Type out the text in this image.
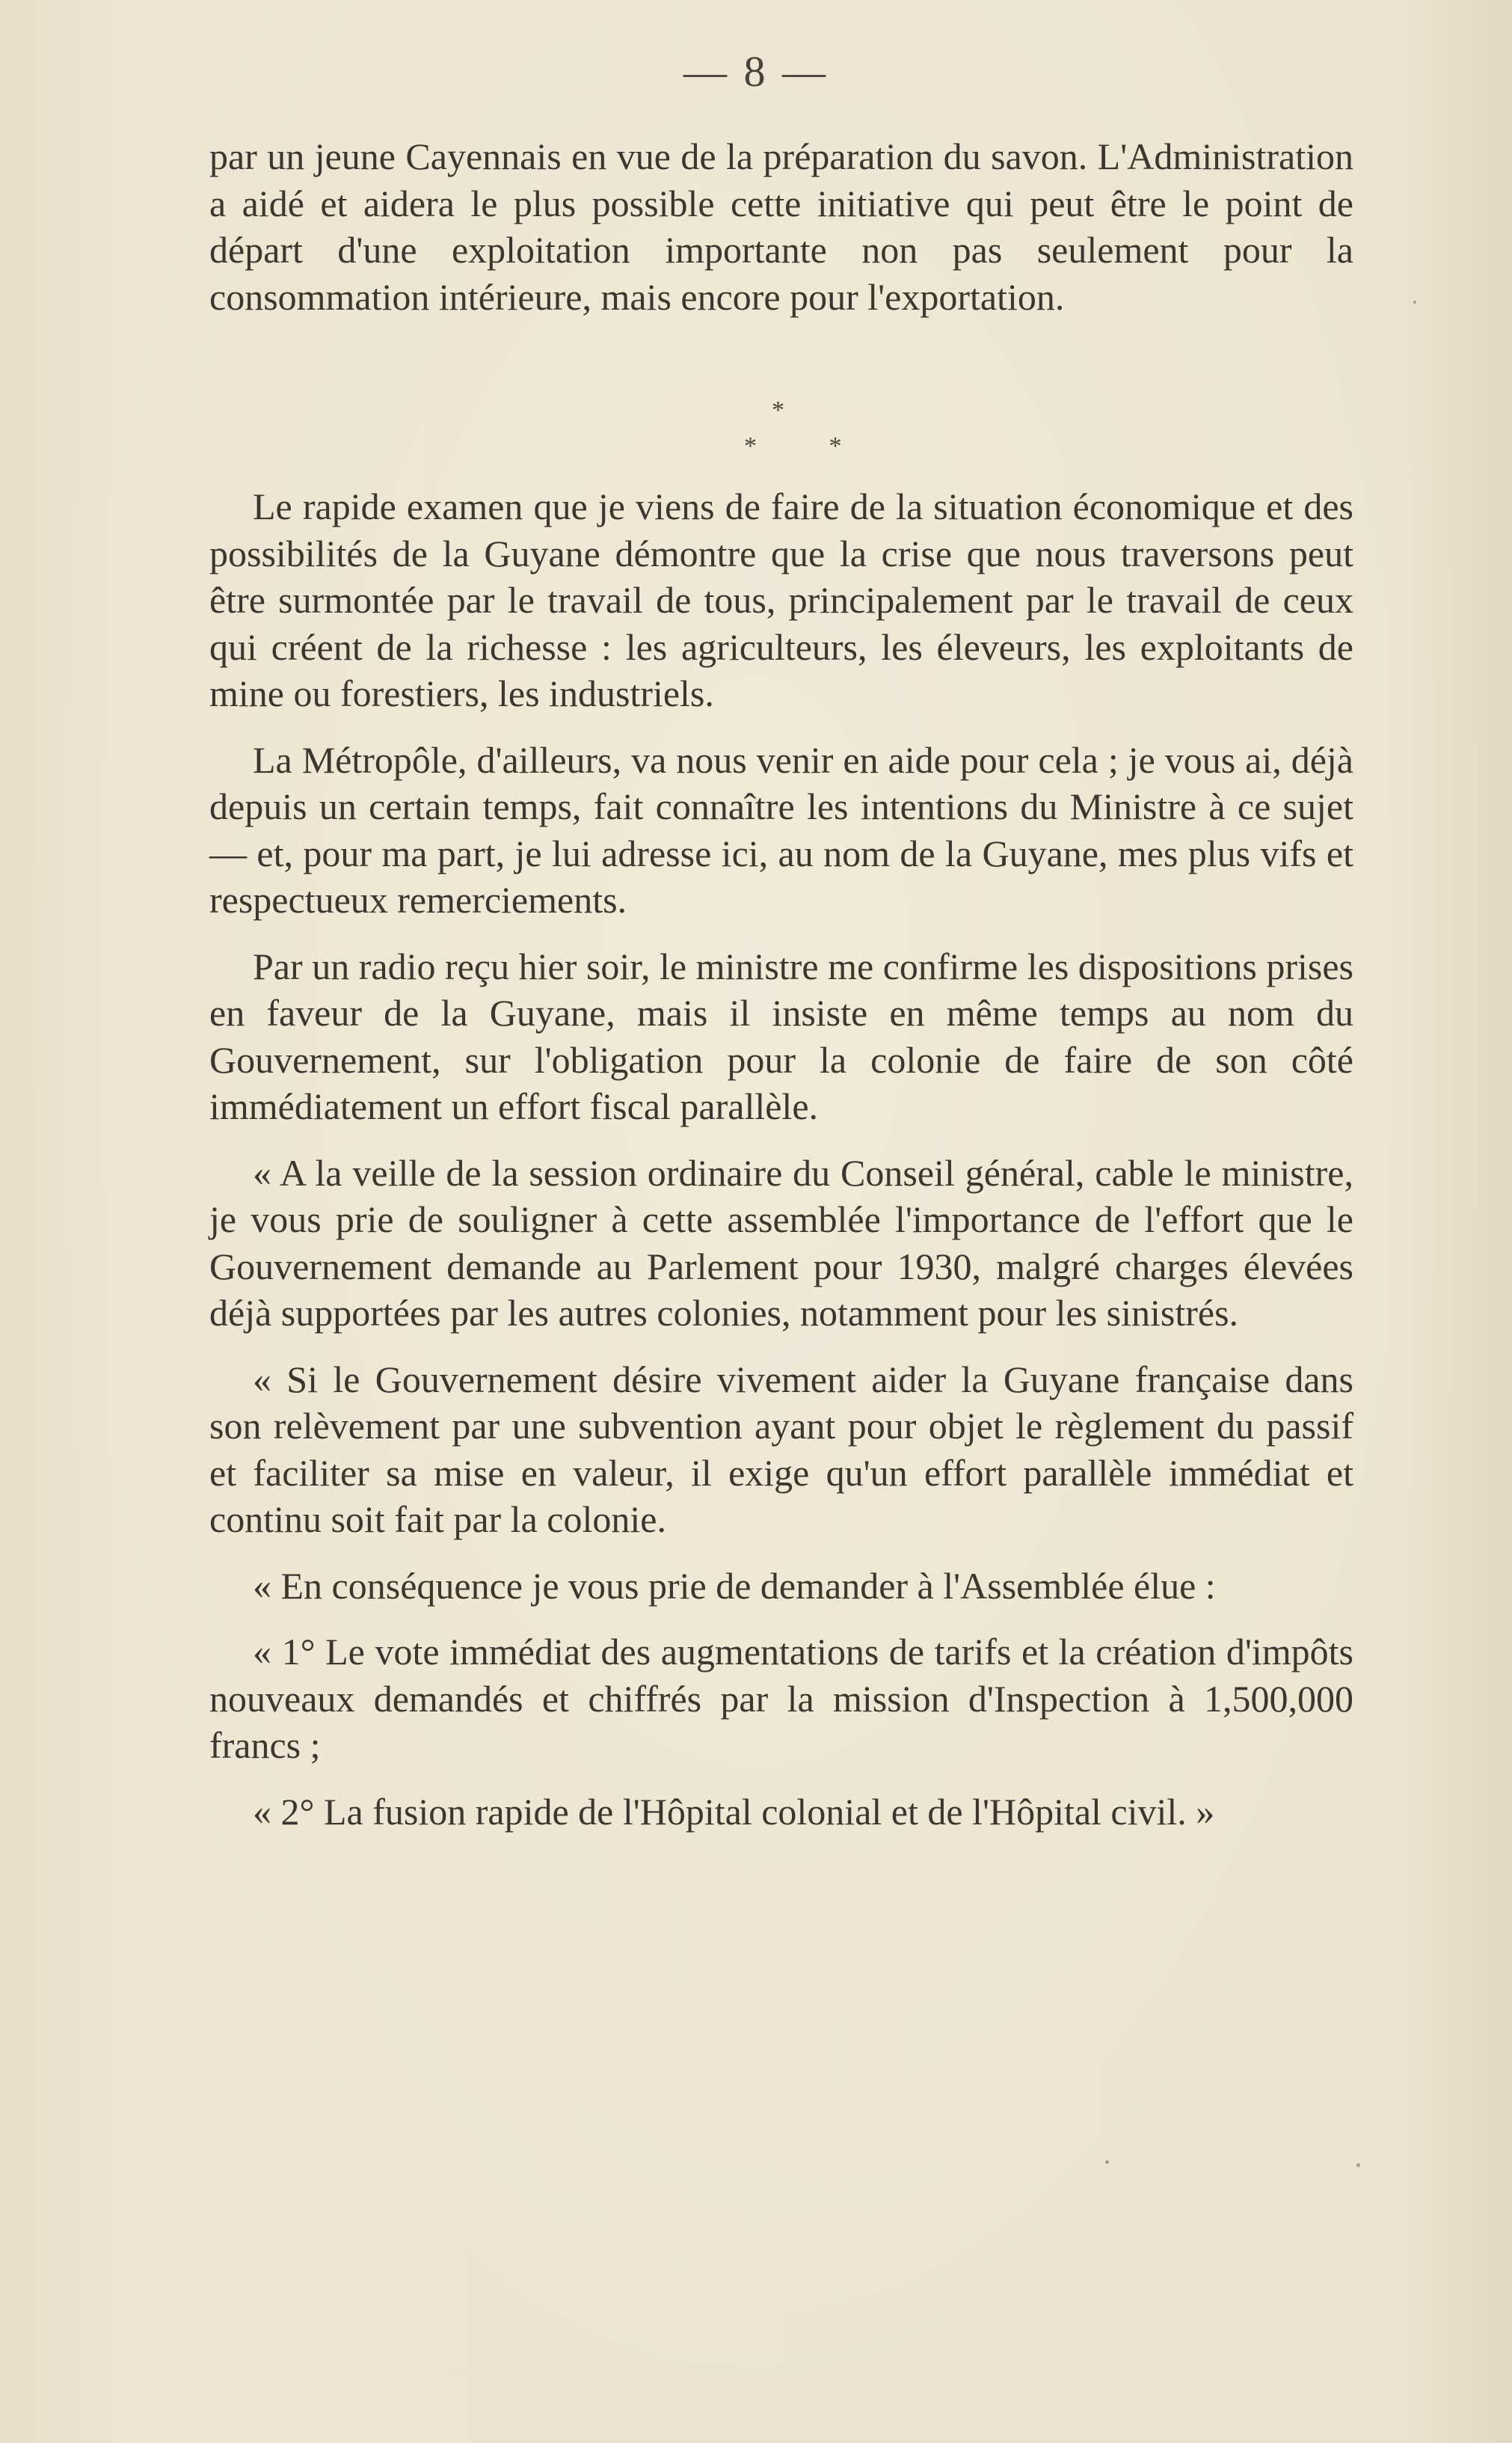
— 8 —

par un jeune Cayennais en vue de la préparation du savon. L'Administration a aidé et aidera le plus possible cette initiative qui peut être le point de départ d'une exploitation importante non pas seulement pour la consommation intérieure, mais encore pour l'exportation.

*
* *

Le rapide examen que je viens de faire de la situation économique et des possibilités de la Guyane démontre que la crise que nous traversons peut être surmontée par le travail de tous, principalement par le travail de ceux qui créent de la richesse : les agriculteurs, les éleveurs, les exploitants de mine ou forestiers, les industriels.

La Métropôle, d'ailleurs, va nous venir en aide pour cela ; je vous ai, déjà depuis un certain temps, fait connaître les intentions du Ministre à ce sujet — et, pour ma part, je lui adresse ici, au nom de la Guyane, mes plus vifs et respectueux remerciements.

Par un radio reçu hier soir, le ministre me confirme les dispositions prises en faveur de la Guyane, mais il insiste en même temps au nom du Gouvernement, sur l'obligation pour la colonie de faire de son côté immédiatement un effort fiscal parallèle.

« A la veille de la session ordinaire du Conseil général, cable le ministre, je vous prie de souligner à cette assemblée l'importance de l'effort que le Gouvernement demande au Parlement pour 1930, malgré charges élevées déjà supportées par les autres colonies, notamment pour les sinistrés.

« Si le Gouvernement désire vivement aider la Guyane française dans son relèvement par une subvention ayant pour objet le règlement du passif et faciliter sa mise en valeur, il exige qu'un effort parallèle immédiat et continu soit fait par la colonie.

« En conséquence je vous prie de demander à l'Assemblée élue :

« 1° Le vote immédiat des augmentations de tarifs et la création d'impôts nouveaux demandés et chiffrés par la mission d'Inspection à 1,500,000 francs ;

« 2° La fusion rapide de l'Hôpital colonial et de l'Hôpital civil. »
